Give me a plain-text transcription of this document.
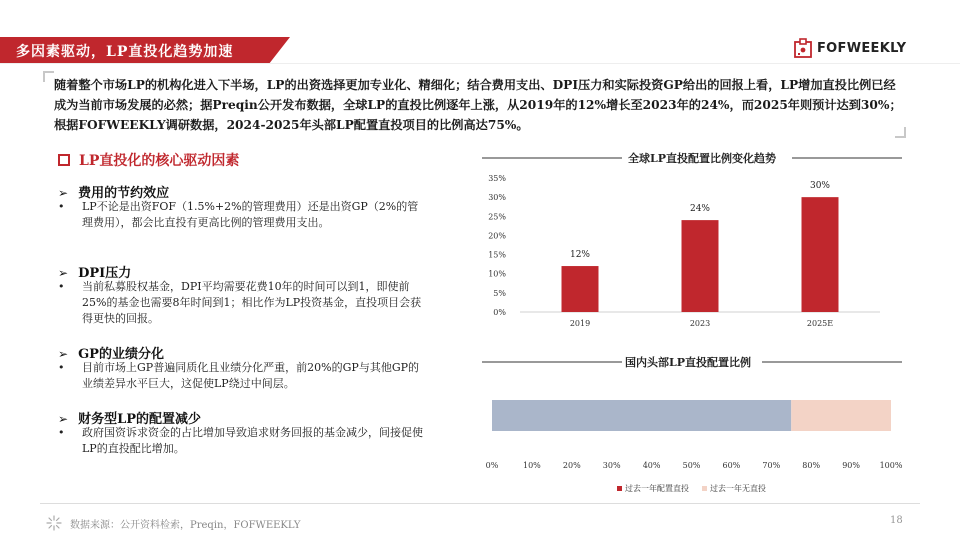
多因素驱动，LP直投化趋势加速	FOFWEEKLY
随着整个市场LP的机构化进入下半场，LP的出资选择更加专业化、精细化；结合费用支出、DPI压力和实际投资GP给出的回报上看，LP增加直投比例已经成为当前市场发展的必然；据Preqin公开发布数据，全球LP的直投比例逐年上涨，从2019年的12%增长至2023年的24%，而2025年则预计达到30%；根据FOFWEEKLY调研数据，2024-2025年头部LP配置直投项目的比例高达75%。
LP直投化的核心驱动因素
➢ 费用的节约效应
• LP不论是出资FOF（1.5%+2%的管理费用）还是出资GP（2%的管理费用），都会比直投有更高比例的管理费用支出。
➢ DPI压力
• 当前私募股权基金，DPI平均需要花费10年的时间可以到1，即使前25%的基金也需要8年时间到1；相比作为LP投资基金，直投项目会获得更快的回报。
➢ GP的业绩分化
• 目前市场上GP普遍同质化且业绩分化严重，前20%的GP与其他GP的业绩差异水平巨大，这促使LP绕过中间层。
➢ 财务型LP的配置减少
• 政府国资诉求资金的占比增加导致追求财务回报的基金减少，间接促使LP的直投配比增加。
全球LP直投配置比例变化趋势
0%
5%
10%
15%
20%
25%
30%
35%
12%
2019
24%
2023
30%
2025E
国内头部LP直投配置比例
0%	10%	20%	30%	40%	50%	60%	70%	80%	90% 100%
过去一年配置直投	过去一年无直投
数据来源：公开资料检索，Preqin，FOFWEEKLY	18
